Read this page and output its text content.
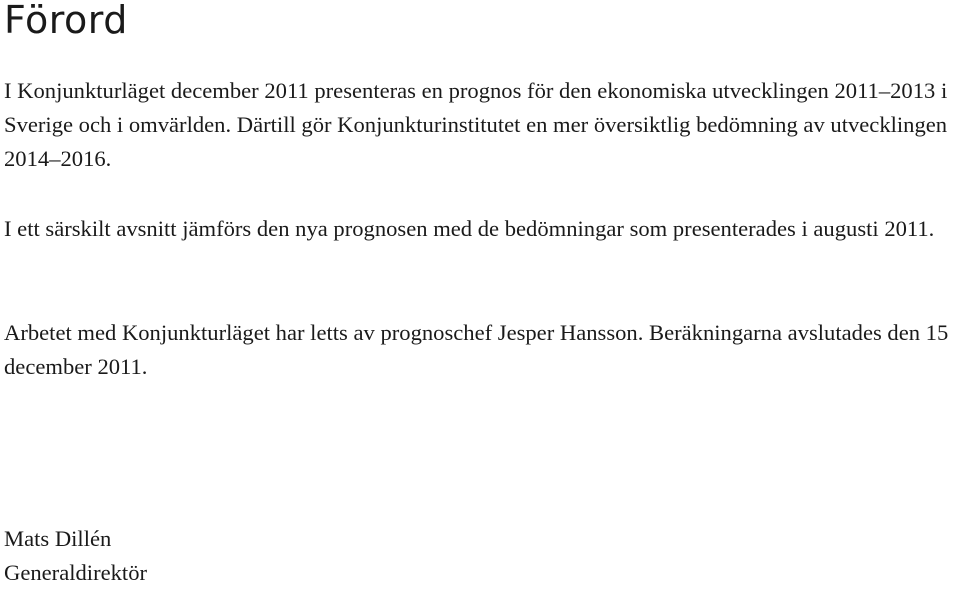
Förord

I Konjunkturläget december 2011 presenteras en prognos för den ekonomiska utvecklingen 2011–2013 i Sverige och i omvärlden. Därtill gör Konjunkturinstitutet en mer översiktlig bedömning av utvecklingen 2014–2016.

I ett särskilt avsnitt jämförs den nya prognosen med de bedömningar som presenterades i augusti 2011.

Arbetet med Konjunkturläget har letts av prognoschef Jesper Hansson. Beräkningarna avslutades den 15 december 2011.

Mats Dillén

Generaldirektör
